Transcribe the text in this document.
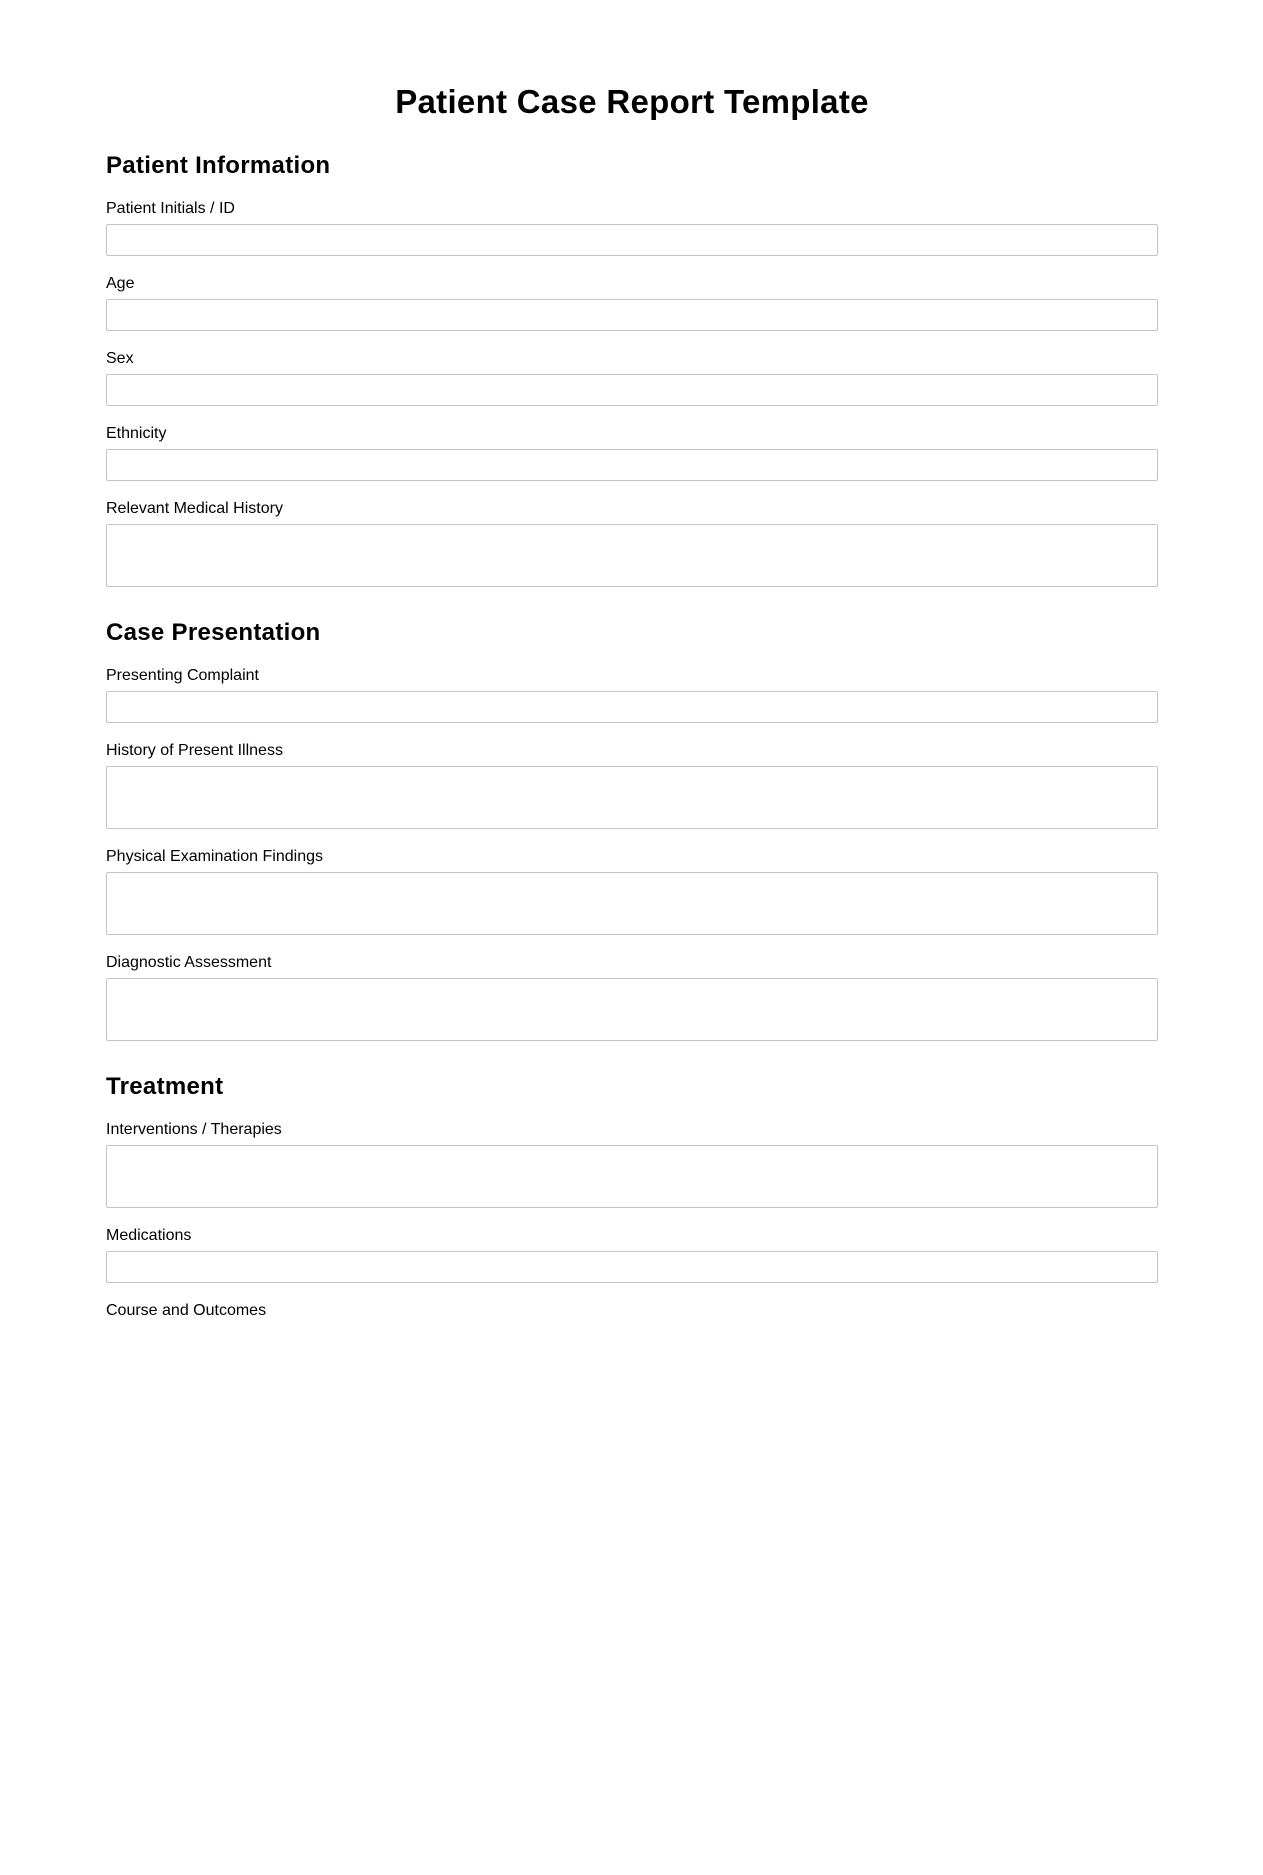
Patient Case Report Template
Patient Information
Patient Initials / ID
Age
Sex
Ethnicity
Relevant Medical History
Case Presentation
Presenting Complaint
History of Present Illness
Physical Examination Findings
Diagnostic Assessment
Treatment
Interventions / Therapies
Medications
Course and Outcomes
